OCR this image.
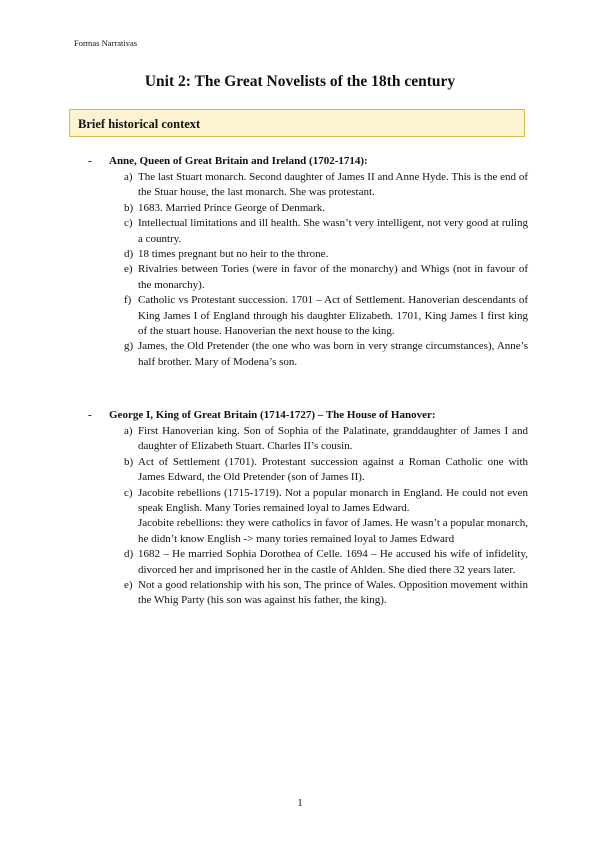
Formas Narrativas
Unit 2: The Great Novelists of the 18th century
Brief historical context
- Anne, Queen of Great Britain and Ireland (1702-1714):
a) The last Stuart monarch. Second daughter of James II and Anne Hyde. This is the end of the Stuar house, the last monarch. She was protestant.
b) 1683. Married Prince George of Denmark.
c) Intellectual limitations and ill health. She wasn’t very intelligent, not very good at ruling a country.
d) 18 times pregnant but no heir to the throne.
e) Rivalries between Tories (were in favor of the monarchy) and Whigs (not in favour of the monarchy).
f) Catholic vs Protestant succession. 1701 – Act of Settlement. Hanoverian descendants of King James I of England through his daughter Elizabeth. 1701, King James I first king of the stuart house. Hanoverian the next house to the king.
g) James, the Old Pretender (the one who was born in very strange circumstances), Anne’s half brother. Mary of Modena’s son.
- George I, King of Great Britain (1714-1727) – The House of Hanover:
a) First Hanoverian king. Son of Sophia of the Palatinate, granddaughter of James I and daughter of Elizabeth Stuart. Charles II’s cousin.
b) Act of Settlement (1701). Protestant succession against a Roman Catholic one with James Edward, the Old Pretender (son of James II).
c) Jacobite rebellions (1715-1719). Not a popular monarch in England. He could not even speak English. Many Tories remained loyal to James Edward.
Jacobite rebellions: they were catholics in favor of James. He wasn’t a popular monarch, he didn’t know English -> many tories remained loyal to James Edward
d) 1682 – He married Sophia Dorothea of Celle. 1694 – He accused his wife of infidelity, divorced her and imprisoned her in the castle of Ahlden. She died there 32 years later.
e) Not a good relationship with his son, The prince of Wales. Opposition movement within the Whig Party (his son was against his father, the king).
1
